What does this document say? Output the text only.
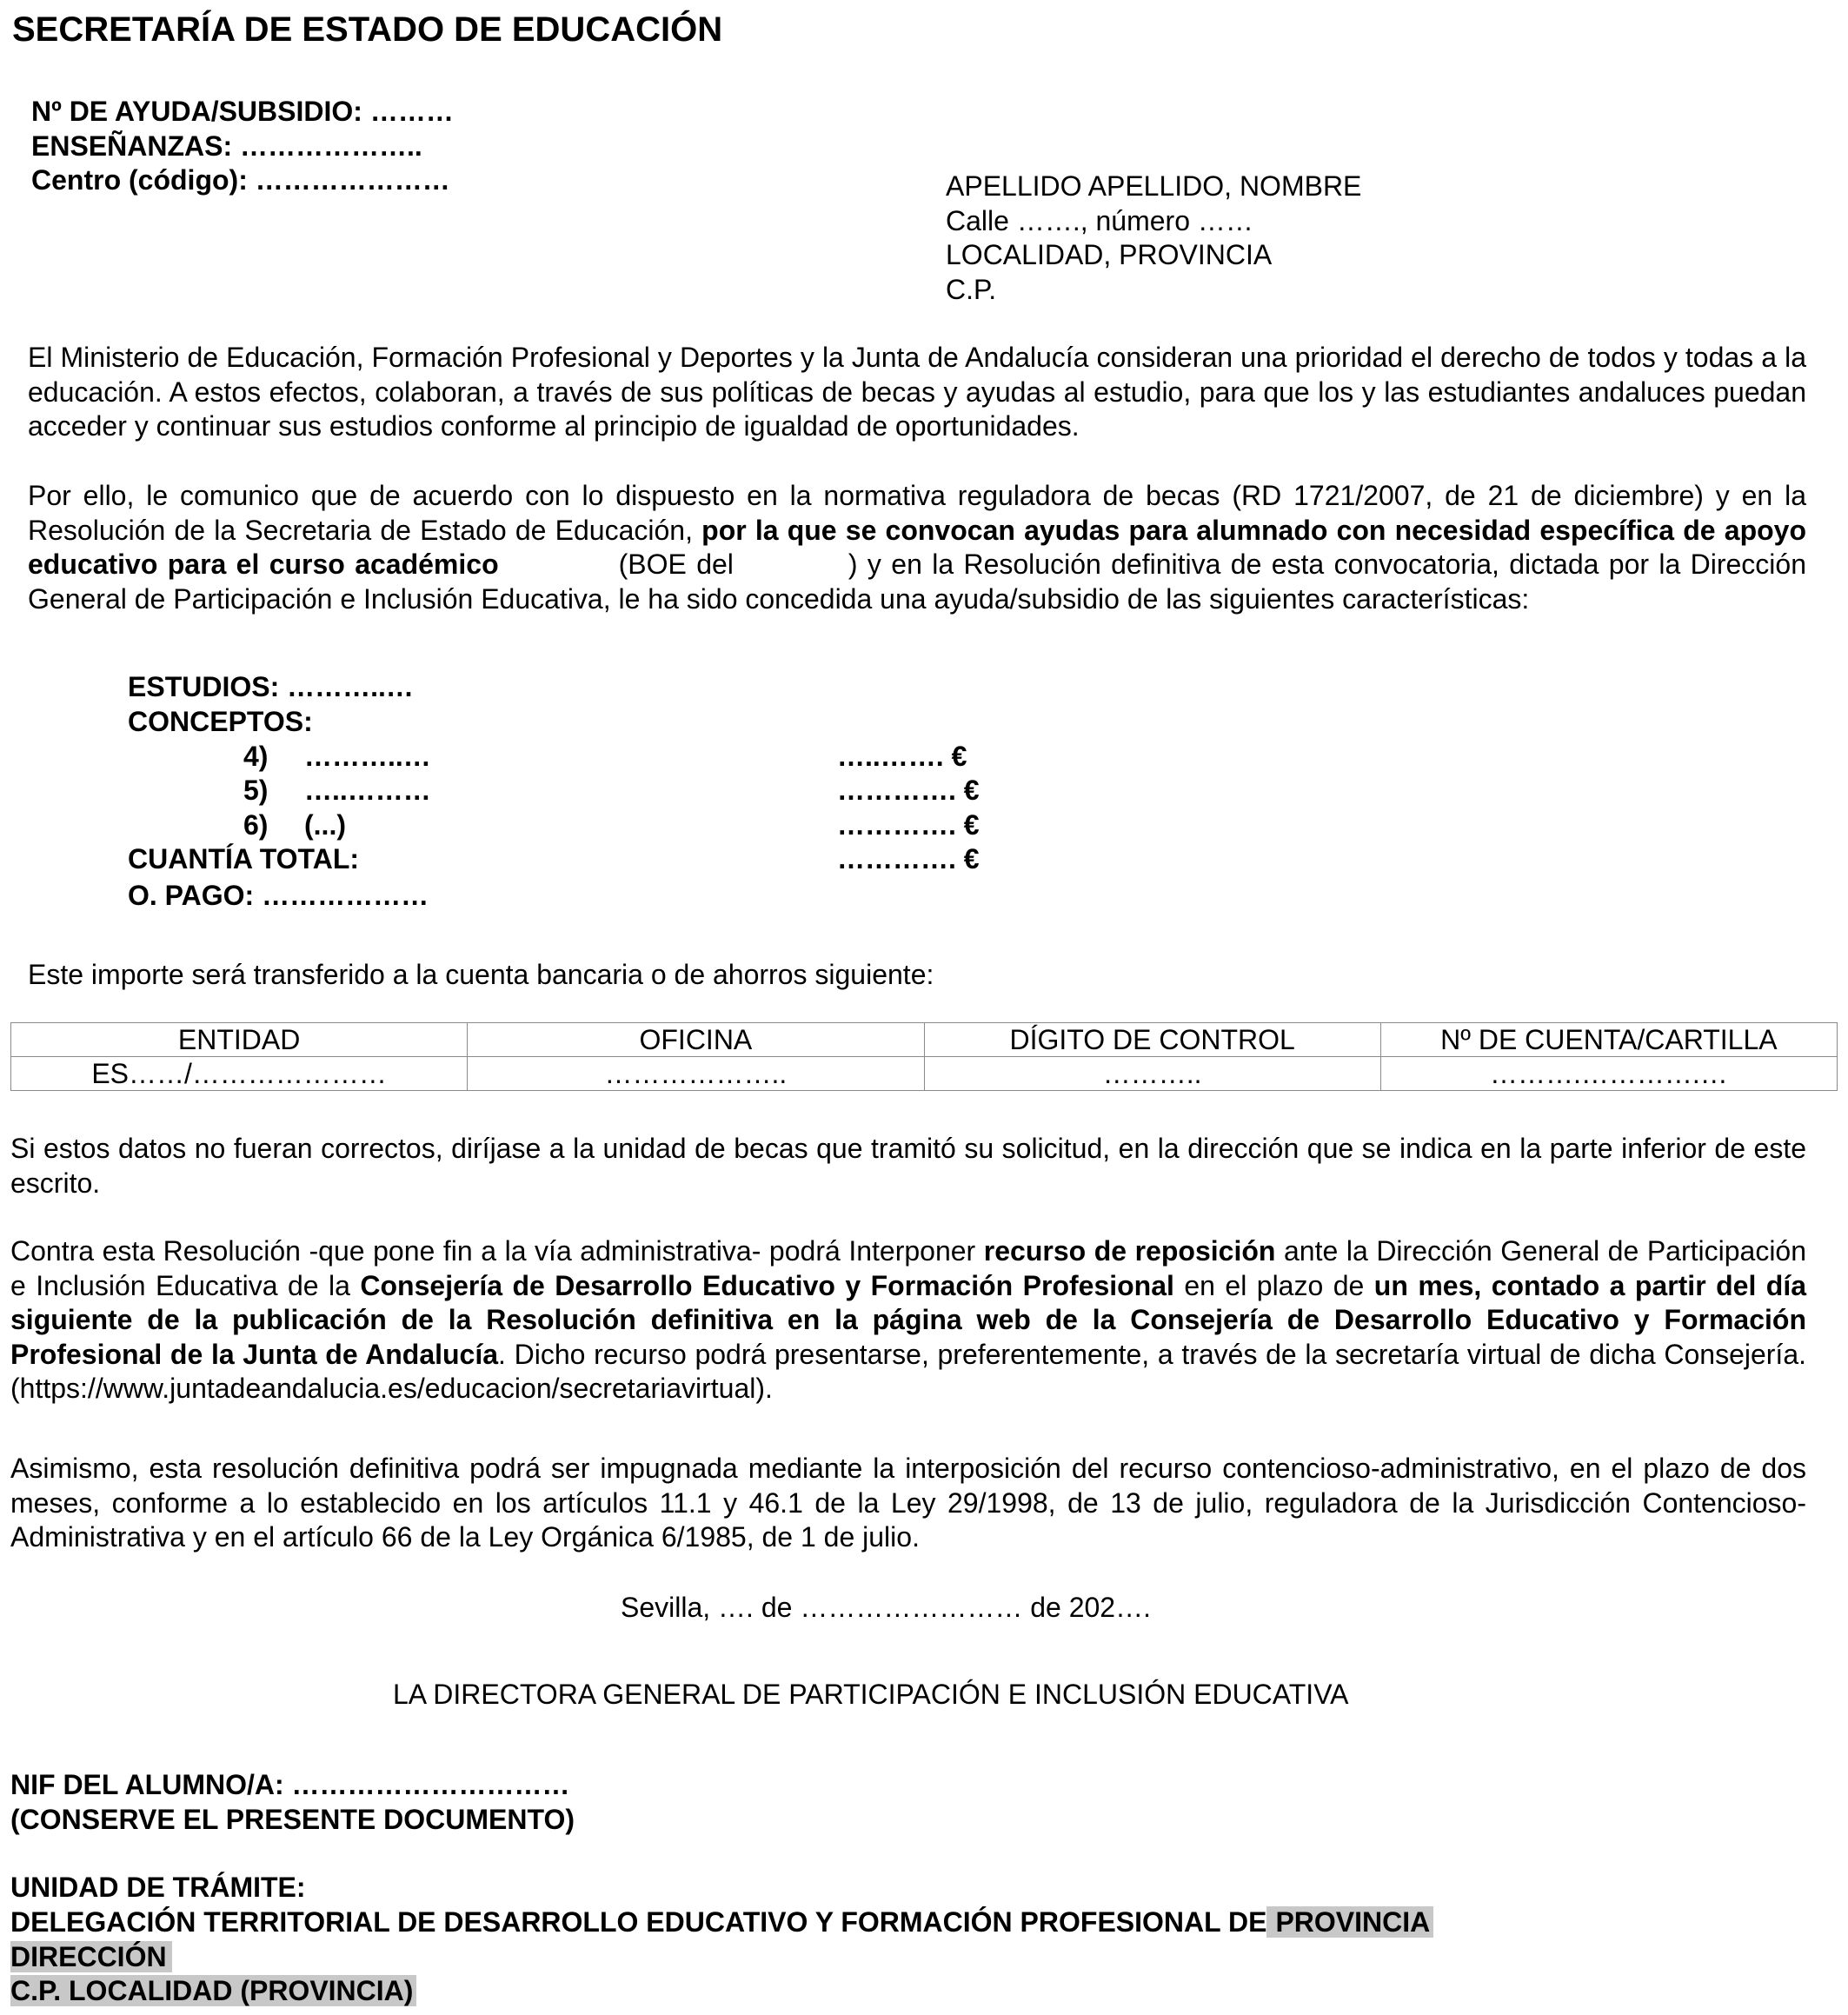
SECRETARÍA DE ESTADO DE EDUCACIÓN
Nº DE AYUDA/SUBSIDIO: ………
ENSEÑANZAS: ………………..
Centro (código): …………………	APELLIDO APELLIDO, NOMBRE
Calle ……., número ……
LOCALIDAD, PROVINCIA
C.P.
El Ministerio de Educación, Formación Profesional y Deportes y la Junta de Andalucía consideran una prioridad el derecho de todos y todas a la educación. A estos efectos, colaboran, a través de sus políticas de becas y ayudas al estudio, para que los y las estudiantes andaluces puedan acceder y continuar sus estudios conforme al principio de igualdad de oportunidades.
Por ello, le comunico que de acuerdo con lo dispuesto en la normativa reguladora de becas (RD 1721/2007, de 21 de diciembre) y en la Resolución de la Secretaria de Estado de Educación, por la que se convocan ayudas para alumnado con necesidad específica de apoyo educativo para el curso académico	(BOE del	) y en la Resolución definitiva de esta convocatoria, dictada por la Dirección General de Participación e Inclusión Educativa, le ha sido concedida una ayuda/subsidio de las siguientes características:
ESTUDIOS: ………..…
CONCEPTOS:
4) ………..…	…..……. €
5) …..………	…………. €
6) (...)	…………. €
CUANTÍA TOTAL:	…………. €
O. PAGO: ………………
Este importe será transferido a la cuenta bancaria o de ahorros siguiente:
ENTIDAD	OFICINA	DÍGITO DE CONTROL	Nº DE CUENTA/CARTILLA
ES……/…………………	………………..	………..	……….………….…
Si estos datos no fueran correctos, diríjase a la unidad de becas que tramitó su solicitud, en la dirección que se indica en la parte inferior de este escrito.
Contra esta Resolución -que pone fin a la vía administrativa- podrá Interponer recurso de reposición ante la Dirección General de Participación e Inclusión Educativa de la Consejería de Desarrollo Educativo y Formación Profesional en el plazo de un mes, contado a partir del día siguiente de la publicación de la Resolución definitiva en la página web de la Consejería de Desarrollo Educativo y Formación Profesional de la Junta de Andalucía. Dicho recurso podrá presentarse, preferentemente, a través de la secretaría virtual de dicha Consejería. (https://www.juntadeandalucia.es/educacion/secretariavirtual).
Asimismo, esta resolución definitiva podrá ser impugnada mediante la interposición del recurso contencioso-administrativo, en el plazo de dos meses, conforme a lo establecido en los artículos 11.1 y 46.1 de la Ley 29/1998, de 13 de julio, reguladora de la Jurisdicción Contencioso-Administrativa y en el artículo 66 de la Ley Orgánica 6/1985, de 1 de julio.
Sevilla, …. de …………………… de 202….
LA DIRECTORA GENERAL DE PARTICIPACIÓN E INCLUSIÓN EDUCATIVA
NIF DEL ALUMNO/A: …………………………
(CONSERVE EL PRESENTE DOCUMENTO)
UNIDAD DE TRÁMITE:
DELEGACIÓN TERRITORIAL DE DESARROLLO EDUCATIVO Y FORMACIÓN PROFESIONAL DE PROVINCIA
DIRECCIÓN
C.P. LOCALIDAD (PROVINCIA)
